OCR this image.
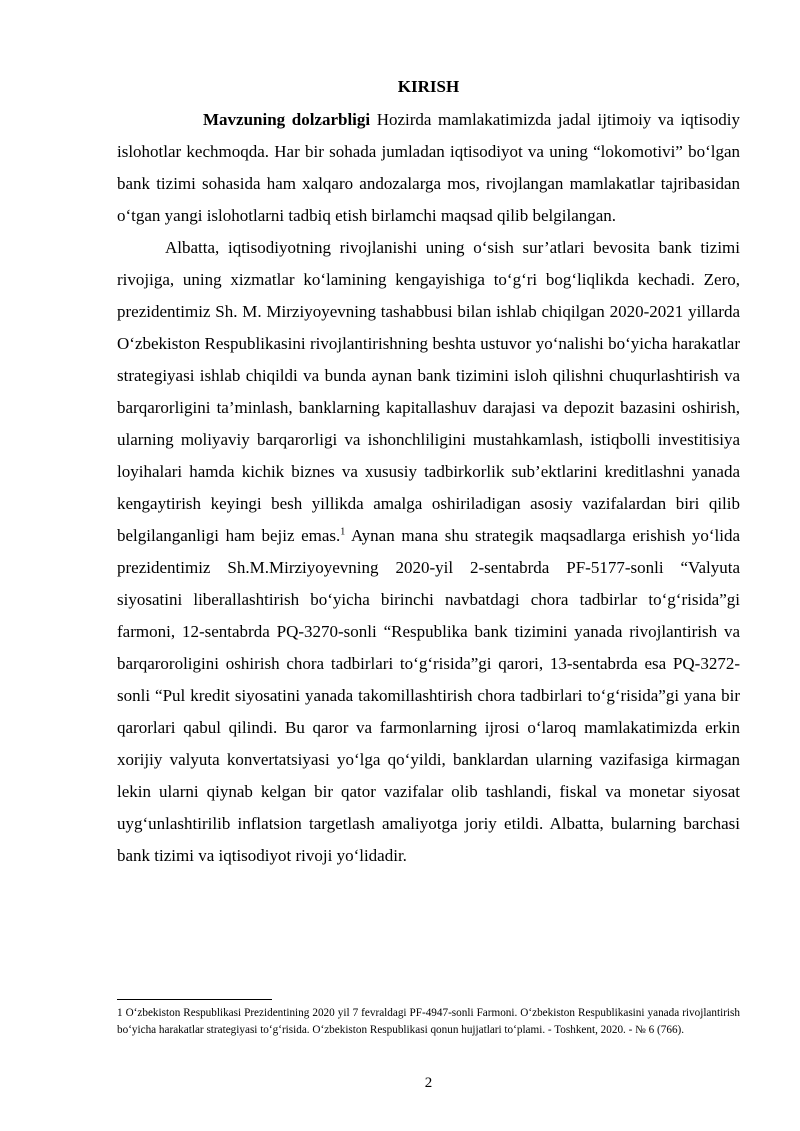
KIRISH

Mavzuning dolzarbligi Hozirda mamlakatimizda jadal ijtimoiy va iqtisodiy islohotlar kechmoqda. Har bir sohada jumladan iqtisodiyot va uning “lokomotivi” boʻlgan bank tizimi sohasida ham xalqaro andozalarga mos, rivojlangan mamlakatlar tajribasidan oʻtgan yangi islohotlarni tadbiq etish birlamchi maqsad qilib belgilangan.

Albatta, iqtisodiyotning rivojlanishi uning oʻsish sur’atlari bevosita bank tizimi rivojiga, uning xizmatlar koʻlamining kengayishiga toʻgʻri bogʻliqlikda kechadi. Zero, prezidentimiz Sh. M. Mirziyoyevning tashabbusi bilan ishlab chiqilgan 2020-2021 yillarda Oʻzbekiston Respublikasini rivojlantirishning beshta ustuvor yoʻnalishi boʻyicha harakatlar strategiyasi ishlab chiqildi va bunda aynan bank tizimini isloh qilishni chuqurlashtirish va barqarorligini ta’minlash, banklarning kapitallashuv darajasi va depozit bazasini oshirish, ularning moliyaviy barqarorligi va ishonchliligini mustahkamlash, istiqbolli investitisiya loyihalari hamda kichik biznes va xususiy tadbirkorlik sub’ektlarini kreditlashni yanada kengaytirish keyingi besh yillikda amalga oshiriladigan asosiy vazifalardan biri qilib belgilanganligi ham bejiz emas.$^1$ Aynan mana shu strategik maqsadlarga erishish yoʻlida prezidentimiz Sh.M.Mirziyoyevning 2020-yil 2-sentabrda PF-5177-sonli “Valyuta siyosatini liberallashtirish boʻyicha birinchi navbatdagi chora tadbirlar toʻgʻrisida”gi farmoni, 12-sentabrda PQ-3270-sonli “Respublika bank tizimini yanada rivojlantirish va barqaroroligini oshirish chora tadbirlari toʻgʻrisida”gi qarori, 13-sentabrda esa PQ-3272-sonli “Pul kredit siyosatini yanada takomillashtirish chora tadbirlari toʻgʻrisida”gi yana bir qarorlari qabul qilindi. Bu qaror va farmonlarning ijrosi oʻlaroq mamlakatimizda erkin xorijiy valyuta konvertatsiyasi yoʻlga qoʻyildi, banklardan ularning vazifasiga kirmagan lekin ularni qiynab kelgan bir qator vazifalar olib tashlandi, fiskal va monetar siyosat uygʻunlashtirilib inflatsion targetlash amaliyotga joriy etildi. Albatta, bularning barchasi bank tizimi va iqtisodiyot rivoji yoʻlidadir.

1 Oʻzbekiston Respublikasi Prezidentining 2020 yil 7 fevraldagi PF-4947-sonli Farmoni. Oʻzbekiston Respublikasini yanada rivojlantirish boʻyicha harakatlar strategiyasi toʻgʻrisida. Oʻzbekiston Respublikasi qonun hujjatlari toʻplami. - Toshkent, 2020. - № 6 (766).
2
